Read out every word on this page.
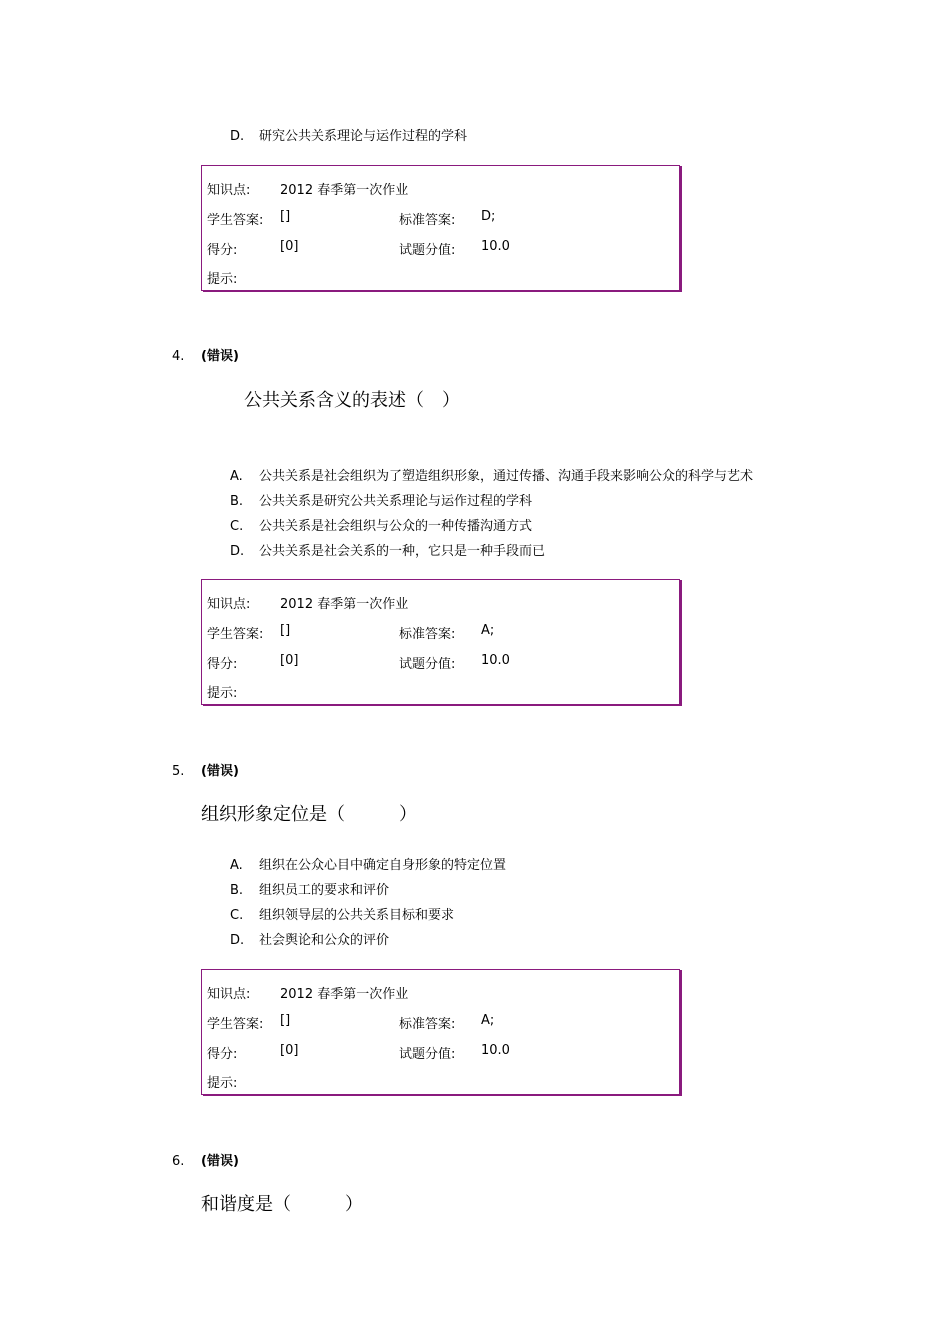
D. 研究公共关系理论与运作过程的学科
知识点: 2012 春季第一次作业
学生答案: []	标准答案: D;
得分:	[0]	试题分值: 10.0
提示:
4. (错误)
公共关系含义的表述（　）
A. 公共关系是社会组织为了塑造组织形象，通过传播、沟通手段来影响公众的科学与艺术
B. 公共关系是研究公共关系理论与运作过程的学科
C. 公共关系是社会组织与公众的一种传播沟通方式
D. 公共关系是社会关系的一种，它只是一种手段而已
知识点: 2012 春季第一次作业
学生答案: []	标准答案: A;
得分:	[0]	试题分值: 10.0
提示:
5. (错误)
组织形象定位是（　　　）
A. 组织在公众心目中确定自身形象的特定位置
B. 组织员工的要求和评价
C. 组织领导层的公共关系目标和要求
D. 社会舆论和公众的评价
知识点: 2012 春季第一次作业
学生答案: []	标准答案: A;
得分:	[0]	试题分值: 10.0
提示:
6. (错误)
和谐度是（　　　）
